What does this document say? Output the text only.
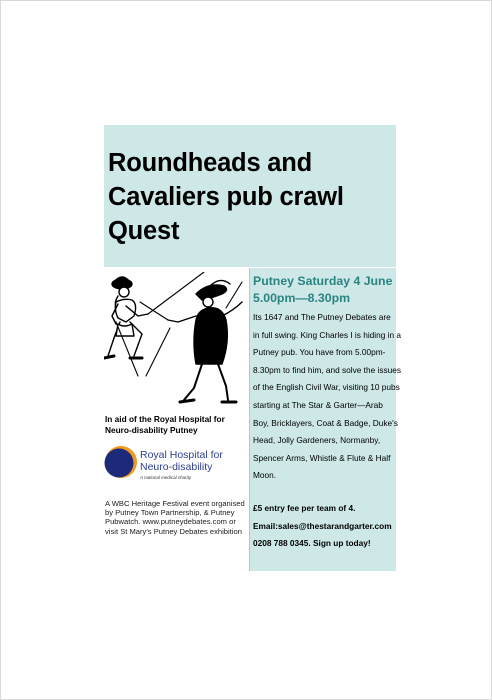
Roundheads and
Cavaliers pub crawl
Quest
In aid of the Royal Hospital for
Neuro-disability Putney
Royal Hospital for
Neuro-disability
A national medical charity
A WBC Heritage Festival event organised
by Putney Town Partnership, & Putney
Pubwatch. www.putneydebates.com or
visit St Mary's Putney Debates exhibition
Putney Saturday 4 June
5.00pm—8.30pm
Its 1647 and The Putney Debates are
in full swing. King Charles I is hiding in a
Putney pub. You have from 5.00pm-
8.30pm to find him, and solve the issues
of the English Civil War, visiting 10 pubs
starting at The Star & Garter—Arab
Boy, Bricklayers, Coat & Badge, Duke's
Head, Jolly Gardeners, Normanby,
Spencer Arms, Whistle & Flute & Half
Moon.
£5 entry fee per team of 4.
Email:sales@thestarandgarter.com
0208 788 0345. Sign up today!
